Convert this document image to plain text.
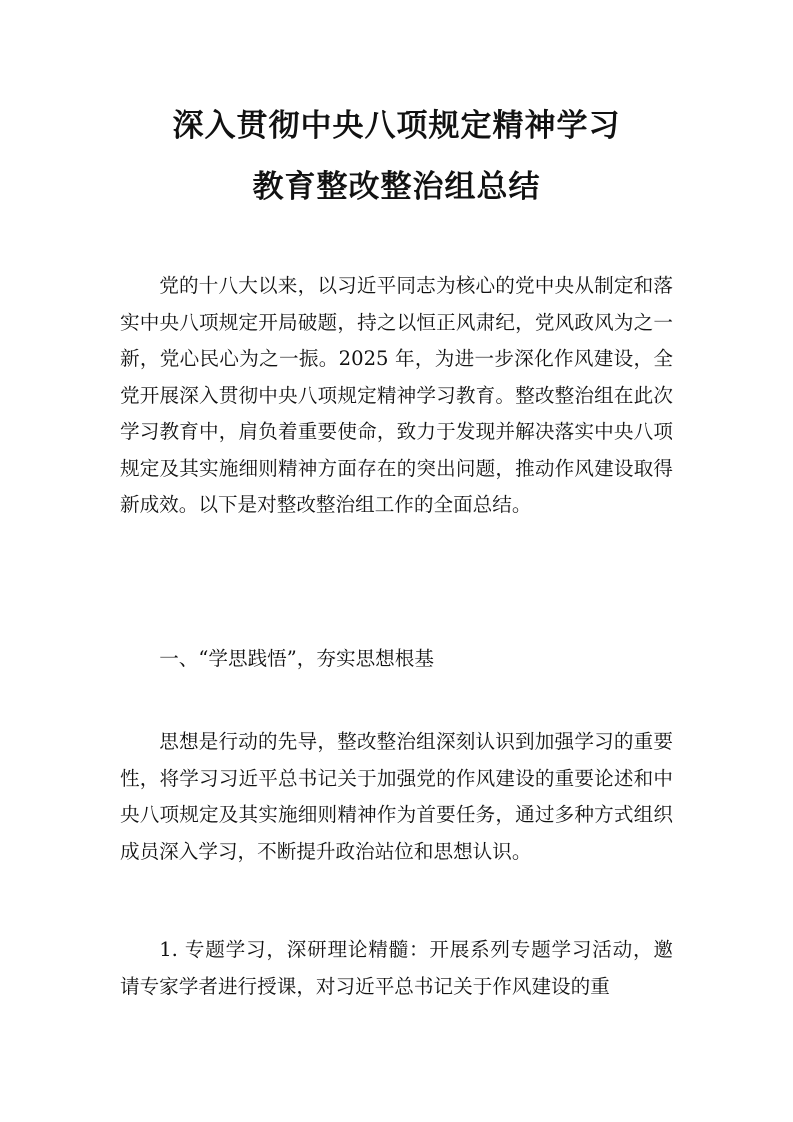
深入贯彻中央八项规定精神学习
教育整改整治组总结

党的十八大以来，以习近平同志为核心的党中央从制定和落实中央八项规定开局破题，持之以恒正风肃纪，党风政风为之一新，党心民心为之一振。2025 年，为进一步深化作风建设，全党开展深入贯彻中央八项规定精神学习教育。整改整治组在此次学习教育中，肩负着重要使命，致力于发现并解决落实中央八项规定及其实施细则精神方面存在的突出问题，推动作风建设取得新成效。以下是对整改整治组工作的全面总结。

一、“学思践悟”，夯实思想根基

思想是行动的先导，整改整治组深刻认识到加强学习的重要性，将学习习近平总书记关于加强党的作风建设的重要论述和中央八项规定及其实施细则精神作为首要任务，通过多种方式组织成员深入学习，不断提升政治站位和思想认识。

1. 专题学习，深研理论精髓：开展系列专题学习活动，邀请专家学者进行授课，对习近平总书记关于作风建设的重
